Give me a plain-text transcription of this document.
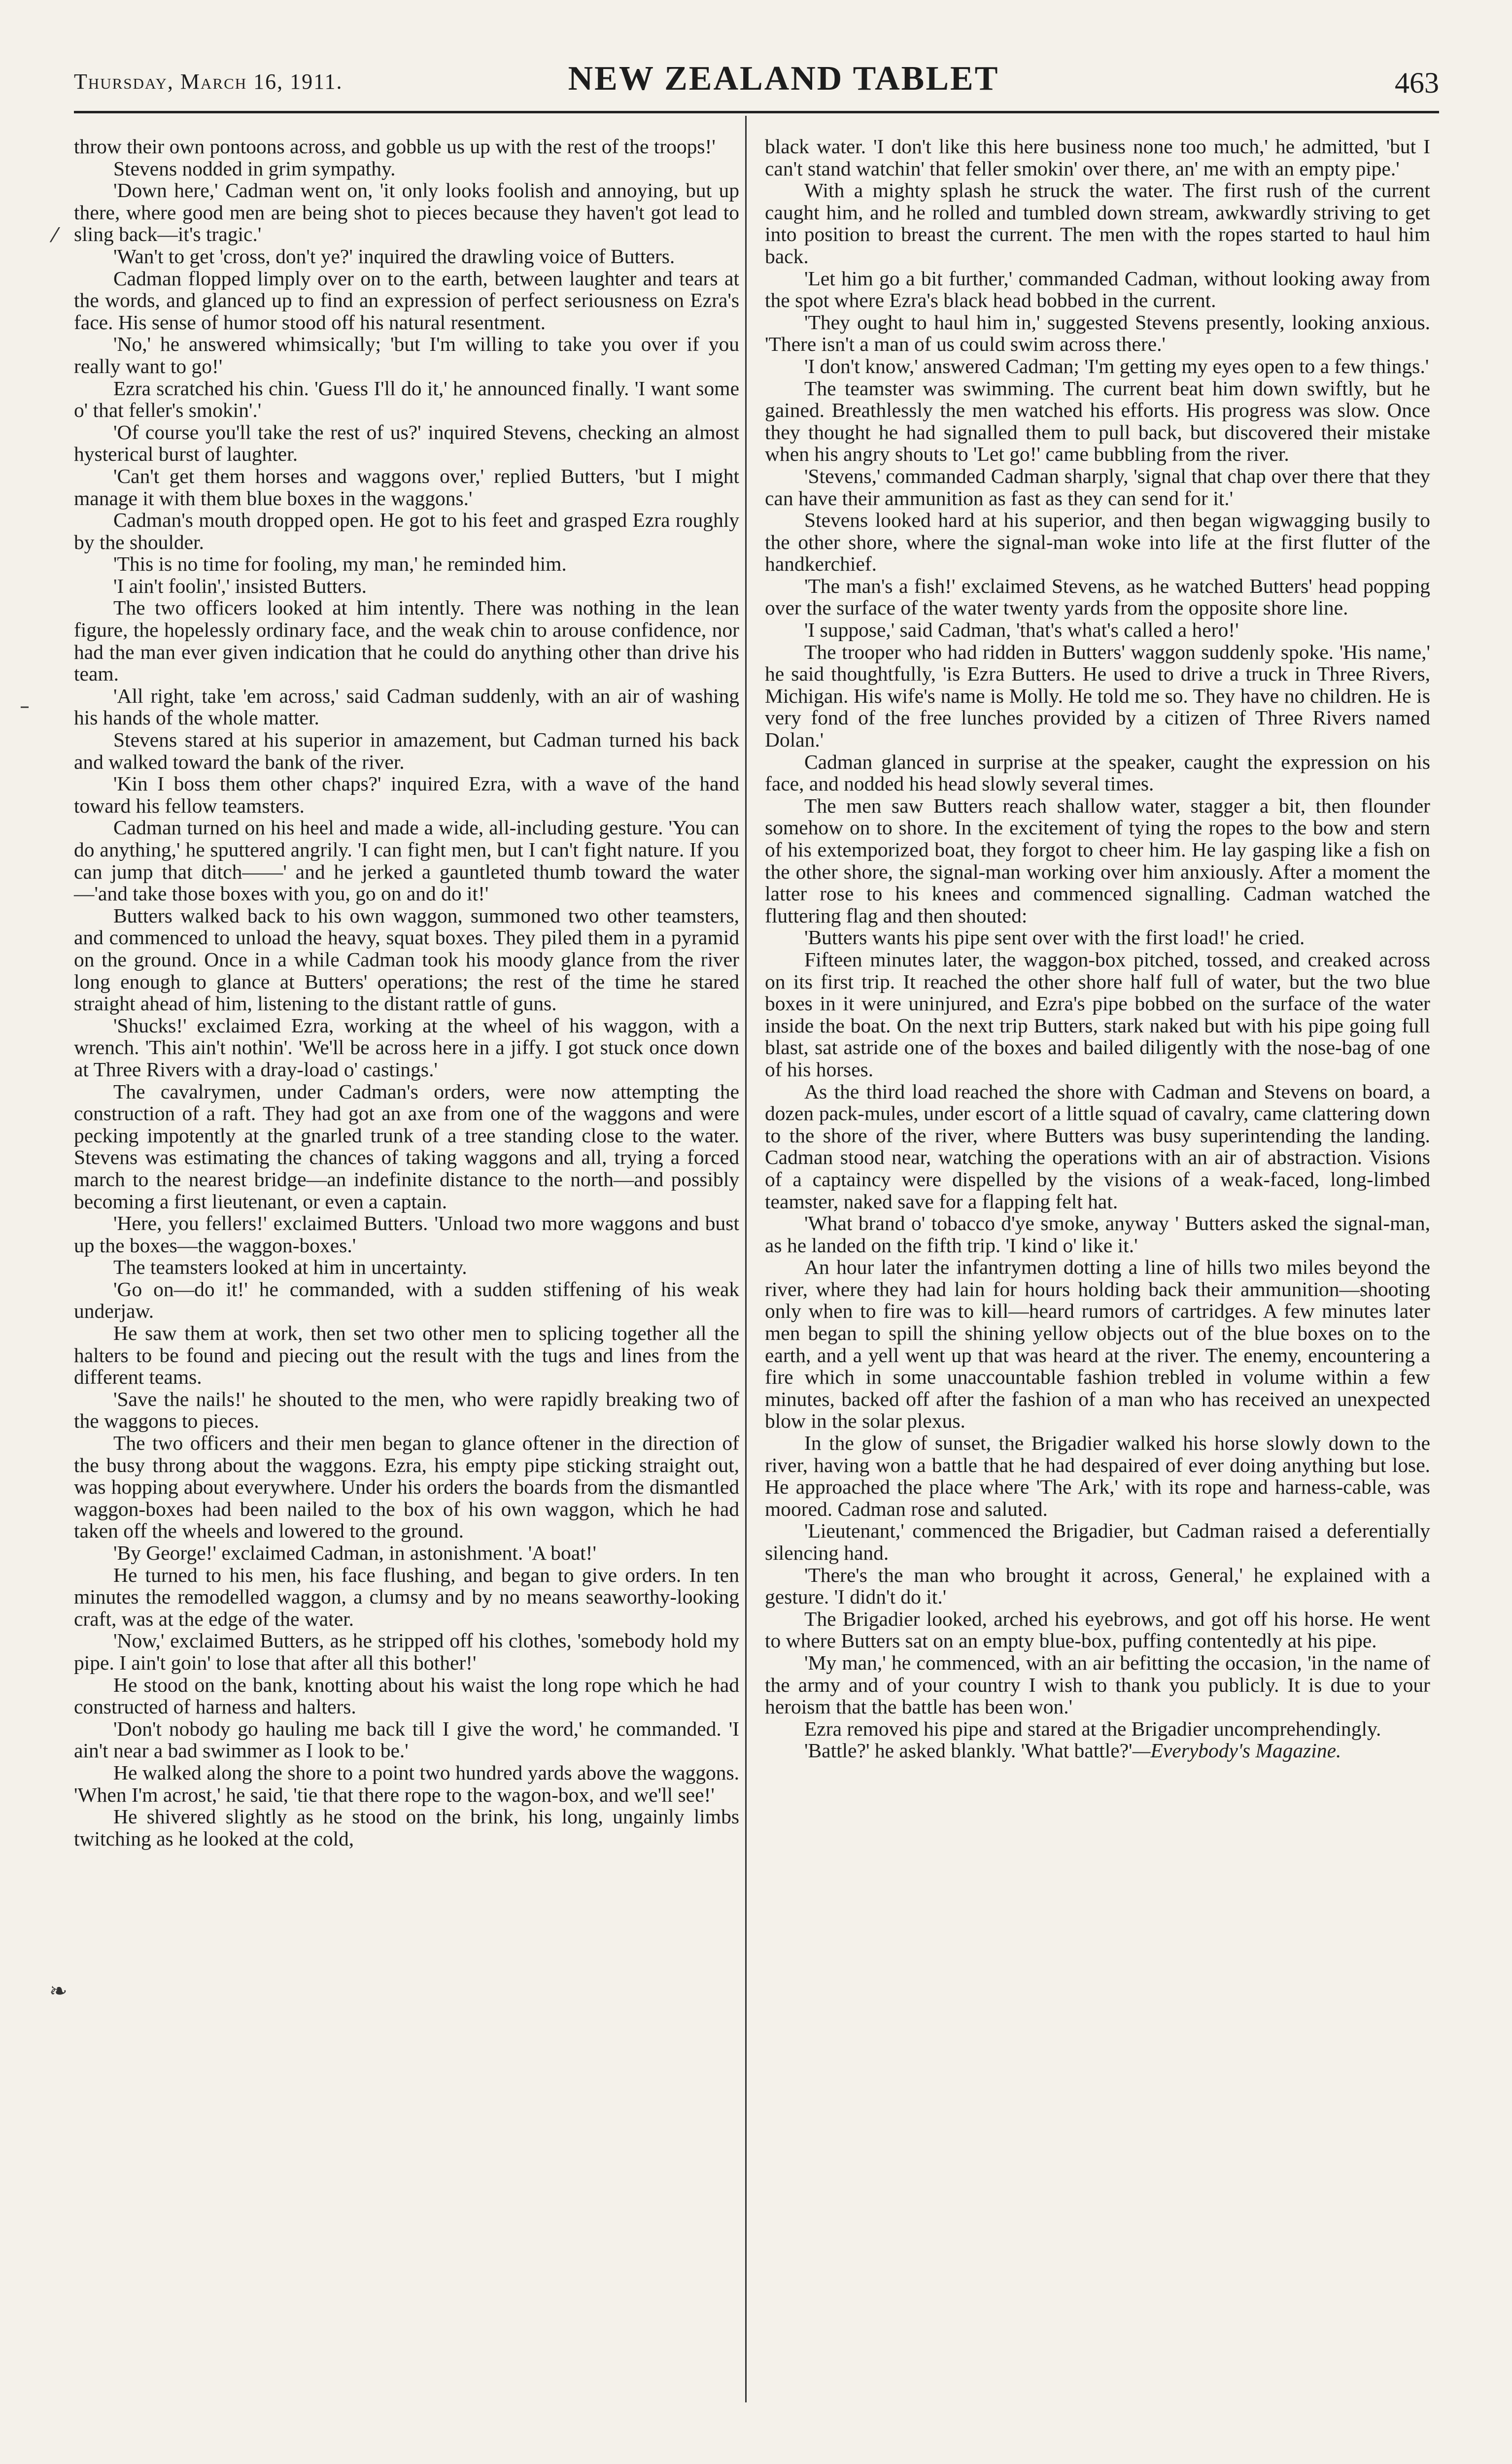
Thursday, March 16, 1911.	NEW ZEALAND TABLET	463
⁄
–
❧

throw their own pontoons across, and gobble us up with the rest of the troops!'

Stevens nodded in grim sympathy.

'Down here,' Cadman went on, 'it only looks foolish and annoying, but up there, where good men are being shot to pieces because they haven't got lead to sling back—it's tragic.'

'Wan't to get 'cross, don't ye?' inquired the drawling voice of Butters.

Cadman flopped limply over on to the earth, between laughter and tears at the words, and glanced up to find an expression of perfect seriousness on Ezra's face. His sense of humor stood off his natural resentment.

'No,' he answered whimsically; 'but I'm willing to take you over if you really want to go!'

Ezra scratched his chin. 'Guess I'll do it,' he announced finally. 'I want some o' that feller's smokin'.'

'Of course you'll take the rest of us?' inquired Stevens, checking an almost hysterical burst of laughter.

'Can't get them horses and waggons over,' replied Butters, 'but I might manage it with them blue boxes in the waggons.'

Cadman's mouth dropped open. He got to his feet and grasped Ezra roughly by the shoulder.

'This is no time for fooling, my man,' he reminded him.

'I ain't foolin',' insisted Butters.

The two officers looked at him intently. There was nothing in the lean figure, the hopelessly ordinary face, and the weak chin to arouse confidence, nor had the man ever given indication that he could do anything other than drive his team.

'All right, take 'em across,' said Cadman suddenly, with an air of washing his hands of the whole matter.

Stevens stared at his superior in amazement, but Cadman turned his back and walked toward the bank of the river.

'Kin I boss them other chaps?' inquired Ezra, with a wave of the hand toward his fellow teamsters.

Cadman turned on his heel and made a wide, all-including gesture. 'You can do anything,' he sputtered angrily. 'I can fight men, but I can't fight nature. If you can jump that ditch——' and he jerked a gauntleted thumb toward the water—'and take those boxes with you, go on and do it!'

Butters walked back to his own waggon, summoned two other teamsters, and commenced to unload the heavy, squat boxes. They piled them in a pyramid on the ground. Once in a while Cadman took his moody glance from the river long enough to glance at Butters' operations; the rest of the time he stared straight ahead of him, listening to the distant rattle of guns.

'Shucks!' exclaimed Ezra, working at the wheel of his waggon, with a wrench. 'This ain't nothin'. 'We'll be across here in a jiffy. I got stuck once down at Three Rivers with a dray-load o' castings.'

The cavalrymen, under Cadman's orders, were now attempting the construction of a raft. They had got an axe from one of the waggons and were pecking impotently at the gnarled trunk of a tree standing close to the water. Stevens was estimating the chances of taking waggons and all, trying a forced march to the nearest bridge—an indefinite distance to the north—and possibly becoming a first lieutenant, or even a captain.

'Here, you fellers!' exclaimed Butters. 'Unload two more waggons and bust up the boxes—the waggon-boxes.'

The teamsters looked at him in uncertainty.

'Go on—do it!' he commanded, with a sudden stiffening of his weak underjaw.

He saw them at work, then set two other men to splicing together all the halters to be found and piecing out the result with the tugs and lines from the different teams.

'Save the nails!' he shouted to the men, who were rapidly breaking two of the waggons to pieces.

The two officers and their men began to glance oftener in the direction of the busy throng about the waggons. Ezra, his empty pipe sticking straight out, was hopping about everywhere. Under his orders the boards from the dismantled waggon-boxes had been nailed to the box of his own waggon, which he had taken off the wheels and lowered to the ground.

'By George!' exclaimed Cadman, in astonishment. 'A boat!'

He turned to his men, his face flushing, and began to give orders. In ten minutes the remodelled waggon, a clumsy and by no means seaworthy-looking craft, was at the edge of the water.

'Now,' exclaimed Butters, as he stripped off his clothes, 'somebody hold my pipe. I ain't goin' to lose that after all this bother!'

He stood on the bank, knotting about his waist the long rope which he had constructed of harness and halters.

'Don't nobody go hauling me back till I give the word,' he commanded. 'I ain't near a bad swimmer as I look to be.'

He walked along the shore to a point two hundred yards above the waggons. 'When I'm acrost,' he said, 'tie that there rope to the wagon-box, and we'll see!'

He shivered slightly as he stood on the brink, his long, ungainly limbs twitching as he looked at the cold,

black water. 'I don't like this here business none too much,' he admitted, 'but I can't stand watchin' that feller smokin' over there, an' me with an empty pipe.'

With a mighty splash he struck the water. The first rush of the current caught him, and he rolled and tumbled down stream, awkwardly striving to get into position to breast the current. The men with the ropes started to haul him back.

'Let him go a bit further,' commanded Cadman, without looking away from the spot where Ezra's black head bobbed in the current.

'They ought to haul him in,' suggested Stevens presently, looking anxious. 'There isn't a man of us could swim across there.'

'I don't know,' answered Cadman; 'I'm getting my eyes open to a few things.'

The teamster was swimming. The current beat him down swiftly, but he gained. Breathlessly the men watched his efforts. His progress was slow. Once they thought he had signalled them to pull back, but discovered their mistake when his angry shouts to 'Let go!' came bubbling from the river.

'Stevens,' commanded Cadman sharply, 'signal that chap over there that they can have their ammunition as fast as they can send for it.'

Stevens looked hard at his superior, and then began wigwagging busily to the other shore, where the signal-man woke into life at the first flutter of the handkerchief.

'The man's a fish!' exclaimed Stevens, as he watched Butters' head popping over the surface of the water twenty yards from the opposite shore line.

'I suppose,' said Cadman, 'that's what's called a hero!'

The trooper who had ridden in Butters' waggon suddenly spoke. 'His name,' he said thoughtfully, 'is Ezra Butters. He used to drive a truck in Three Rivers, Michigan. His wife's name is Molly. He told me so. They have no children. He is very fond of the free lunches provided by a citizen of Three Rivers named Dolan.'

Cadman glanced in surprise at the speaker, caught the expression on his face, and nodded his head slowly several times.

The men saw Butters reach shallow water, stagger a bit, then flounder somehow on to shore. In the excitement of tying the ropes to the bow and stern of his extemporized boat, they forgot to cheer him. He lay gasping like a fish on the other shore, the signal-man working over him anxiously. After a moment the latter rose to his knees and commenced signalling. Cadman watched the fluttering flag and then shouted:

'Butters wants his pipe sent over with the first load!' he cried.

Fifteen minutes later, the waggon-box pitched, tossed, and creaked across on its first trip. It reached the other shore half full of water, but the two blue boxes in it were uninjured, and Ezra's pipe bobbed on the surface of the water inside the boat. On the next trip Butters, stark naked but with his pipe going full blast, sat astride one of the boxes and bailed diligently with the nose-bag of one of his horses.

As the third load reached the shore with Cadman and Stevens on board, a dozen pack-mules, under escort of a little squad of cavalry, came clattering down to the shore of the river, where Butters was busy superintending the landing. Cadman stood near, watching the operations with an air of abstraction. Visions of a captaincy were dispelled by the visions of a weak-faced, long-limbed teamster, naked save for a flapping felt hat.

'What brand o' tobacco d'ye smoke, anyway ' Butters asked the signal-man, as he landed on the fifth trip. 'I kind o' like it.'

An hour later the infantrymen dotting a line of hills two miles beyond the river, where they had lain for hours holding back their ammunition—shooting only when to fire was to kill—heard rumors of cartridges. A few minutes later men began to spill the shining yellow objects out of the blue boxes on to the earth, and a yell went up that was heard at the river. The enemy, encountering a fire which in some unaccountable fashion trebled in volume within a few minutes, backed off after the fashion of a man who has received an unexpected blow in the solar plexus.

In the glow of sunset, the Brigadier walked his horse slowly down to the river, having won a battle that he had despaired of ever doing anything but lose. He approached the place where 'The Ark,' with its rope and harness-cable, was moored. Cadman rose and saluted.

'Lieutenant,' commenced the Brigadier, but Cadman raised a deferentially silencing hand.

'There's the man who brought it across, General,' he explained with a gesture. 'I didn't do it.'

The Brigadier looked, arched his eyebrows, and got off his horse. He went to where Butters sat on an empty blue-box, puffing contentedly at his pipe.

'My man,' he commenced, with an air befitting the occasion, 'in the name of the army and of your country I wish to thank you publicly. It is due to your heroism that the battle has been won.'

Ezra removed his pipe and stared at the Brigadier uncomprehendingly.

'Battle?' he asked blankly. 'What battle?'—Everybody's Magazine.
